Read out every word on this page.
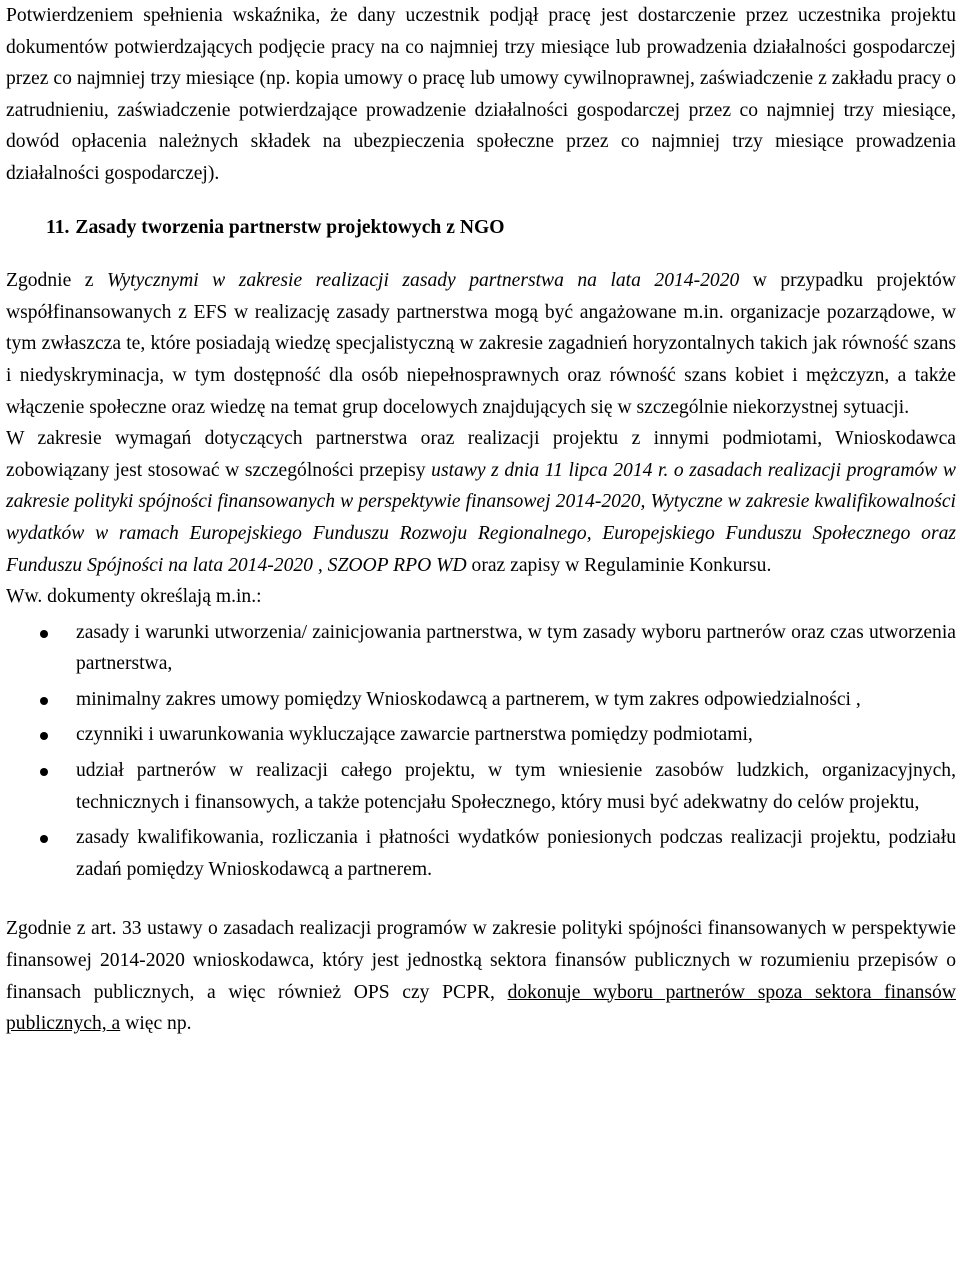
Potwierdzeniem spełnienia wskaźnika, że dany uczestnik podjął pracę jest dostarczenie przez uczestnika projektu dokumentów potwierdzających podjęcie pracy na co najmniej trzy miesiące lub prowadzenia działalności gospodarczej przez co najmniej trzy miesiące (np. kopia umowy o pracę lub umowy cywilnoprawnej, zaświadczenie z zakładu pracy o zatrudnieniu, zaświadczenie potwierdzające prowadzenie działalności gospodarczej przez co najmniej trzy miesiące, dowód opłacenia należnych składek na ubezpieczenia społeczne przez co najmniej trzy miesiące prowadzenia działalności gospodarczej).

11. Zasady tworzenia partnerstw projektowych z NGO

Zgodnie z Wytycznymi w zakresie realizacji zasady partnerstwa na lata 2014-2020 w przypadku projektów współfinansowanych z EFS w realizację zasady partnerstwa mogą być angażowane m.in. organizacje pozarządowe, w tym zwłaszcza te, które posiadają wiedzę specjalistyczną w zakresie zagadnień horyzontalnych takich jak równość szans i niedyskryminacja, w tym dostępność dla osób niepełnosprawnych oraz równość szans kobiet i mężczyzn, a także włączenie społeczne oraz wiedzę na temat grup docelowych znajdujących się w szczególnie niekorzystnej sytuacji.

W zakresie wymagań dotyczących partnerstwa oraz realizacji projektu z innymi podmiotami, Wnioskodawca zobowiązany jest stosować w szczególności przepisy ustawy z dnia 11 lipca 2014 r. o zasadach realizacji programów w zakresie polityki spójności finansowanych w perspektywie finansowej 2014-2020, Wytyczne w zakresie kwalifikowalności wydatków w ramach Europejskiego Funduszu Rozwoju Regionalnego, Europejskiego Funduszu Społecznego oraz Funduszu Spójności na lata 2014-2020 , SZOOP RPO WD oraz zapisy w Regulaminie Konkursu.

Ww. dokumenty określają m.in.:

zasady i warunki utworzenia/ zainicjowania partnerstwa, w tym zasady wyboru partnerów oraz czas utworzenia partnerstwa,
minimalny zakres umowy pomiędzy Wnioskodawcą a partnerem, w tym zakres odpowiedzialności ,
czynniki i uwarunkowania wykluczające zawarcie partnerstwa pomiędzy podmiotami,
udział partnerów w realizacji całego projektu, w tym wniesienie zasobów ludzkich, organizacyjnych, technicznych i finansowych, a także potencjału Społecznego, który musi być adekwatny do celów projektu,
zasady kwalifikowania, rozliczania i płatności wydatków poniesionych podczas realizacji projektu, podziału zadań pomiędzy Wnioskodawcą a partnerem.

Zgodnie z art. 33 ustawy o zasadach realizacji programów w zakresie polityki spójności finansowanych w perspektywie finansowej 2014-2020 wnioskodawca, który jest jednostką sektora finansów publicznych w rozumieniu przepisów o finansach publicznych, a więc również OPS czy PCPR, dokonuje wyboru partnerów spoza sektora finansów publicznych, a więc np.
